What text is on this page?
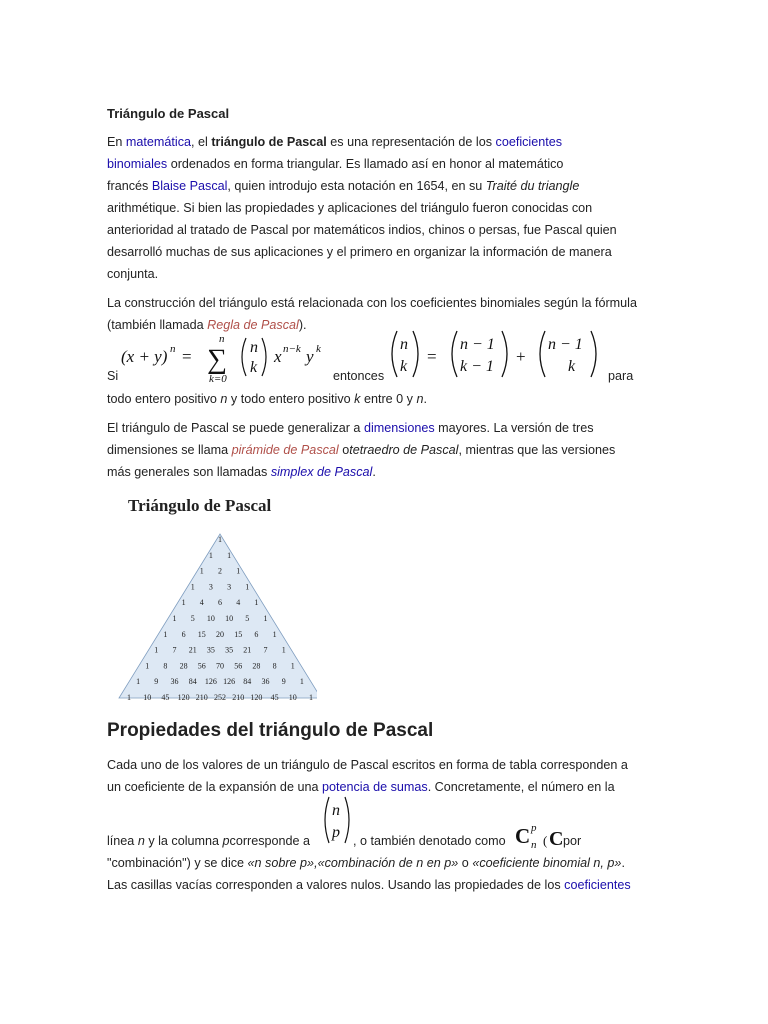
Triángulo de Pascal

En matemática, el triángulo de Pascal es una representación de los coeficientes

binomiales ordenados en forma triangular. Es llamado así en honor al matemático

francés Blaise Pascal, quien introdujo esta notación en 1654, en su Traité du triangle

arithmétique. Si bien las propiedades y aplicaciones del triángulo fueron conocidas con

anterioridad al tratado de Pascal por matemáticos indios, chinos o persas, fue Pascal quien

desarrolló muchas de sus aplicaciones y el primero en organizar la información de manera

conjunta.

La construcción del triángulo está relacionada con los coeficientes binomiales según la fórmula

(también llamada Regla de Pascal).

Si
(x + y) n = ∑
n
k=0
n
k
x n−k y k
entonces
n
k
=
n − 1
k − 1
+
n − 1
k
para

todo entero positivo n y todo entero positivo k entre 0 y n.

El triángulo de Pascal se puede generalizar a dimensiones mayores. La versión de tres

dimensiones se llama pirámide de Pascal otetraedro de Pascal, mientras que las versiones

más generales son llamadas simplex de Pascal.

Triángulo de Pascal
1
1 1
1 2 1
1 3 3 1
1 4 6 4 1
1 5 10 10 5 1
1 6 15 20 15 6 1
1 7 21 35 35 21 7 1
1 8 28 56 70 56 28 8 1
1 9 36 84 126 126 84 36 9 1
1 10 45 120 210 252 210 120 45 10 1
Propiedades del triángulo de Pascal

Cada uno de los valores de un triángulo de Pascal escritos en forma de tabla corresponden a

un coeficiente de la expansión de una potencia de sumas. Concretamente, el número en la

línea n y la columna pcorresponde a

n
p , o también denotado como C p
n ( C por

"combinación") y se dice «n sobre p»,«combinación de n en p» o «coeficiente binomial n, p».

Las casillas vacías corresponden a valores nulos. Usando las propiedades de los coeficientes
